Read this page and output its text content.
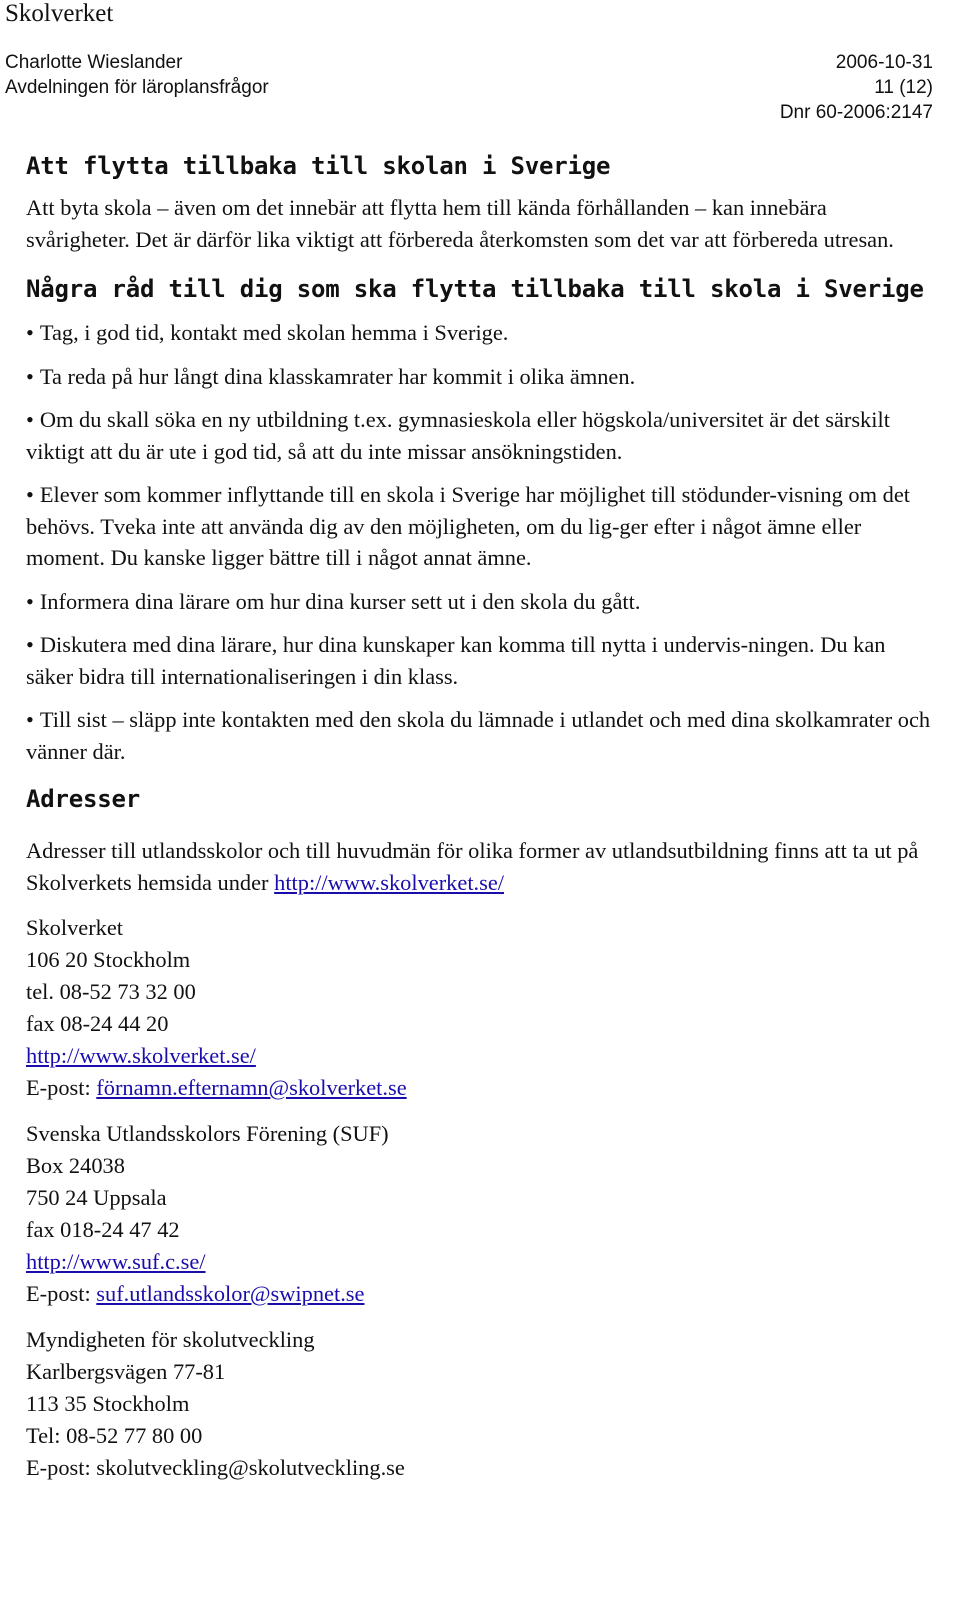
Skolverket
Charlotte Wieslander
Avdelningen för läroplansfrågor
2006-10-31
11 (12)
Dnr 60-2006:2147
Att flytta tillbaka till skolan i Sverige

Att byta skola – även om det innebär att flytta hem till kända förhållanden – kan innebära svårigheter. Det är därför lika viktigt att förbereda återkomsten som det var att förbereda utresan.

Några råd till dig som ska flytta tillbaka till skola i Sverige

• Tag, i god tid, kontakt med skolan hemma i Sverige.

• Ta reda på hur långt dina klasskamrater har kommit i olika ämnen.

• Om du skall söka en ny utbildning t.ex. gymnasieskola eller högskola/universitet är det särskilt viktigt att du är ute i god tid, så att du inte missar ansökningstiden.

• Elever som kommer inflyttande till en skola i Sverige har möjlighet till stödunder-visning om det behövs. Tveka inte att använda dig av den möjligheten, om du lig-ger efter i något ämne eller moment. Du kanske ligger bättre till i något annat ämne.

• Informera dina lärare om hur dina kurser sett ut i den skola du gått.

• Diskutera med dina lärare, hur dina kunskaper kan komma till nytta i undervis-ningen. Du kan säker bidra till internationaliseringen i din klass.

• Till sist – släpp inte kontakten med den skola du lämnade i utlandet och med dina skolkamrater och vänner där.

Adresser

Adresser till utlandsskolor och till huvudmän för olika former av utlandsutbildning finns att ta ut på Skolverkets hemsida under http://www.skolverket.se/

Skolverket
106 20 Stockholm
tel. 08-52 73 32 00
fax 08-24 44 20
http://www.skolverket.se/
E-post: förnamn.efternamn@skolverket.se
Svenska Utlandsskolors Förening (SUF)
Box 24038
750 24 Uppsala
fax 018-24 47 42
http://www.suf.c.se/
E-post: suf.utlandsskolor@swipnet.se
Myndigheten för skolutveckling
Karlbergsvägen 77-81
113 35 Stockholm
Tel: 08-52 77 80 00
E-post: skolutveckling@skolutveckling.se
